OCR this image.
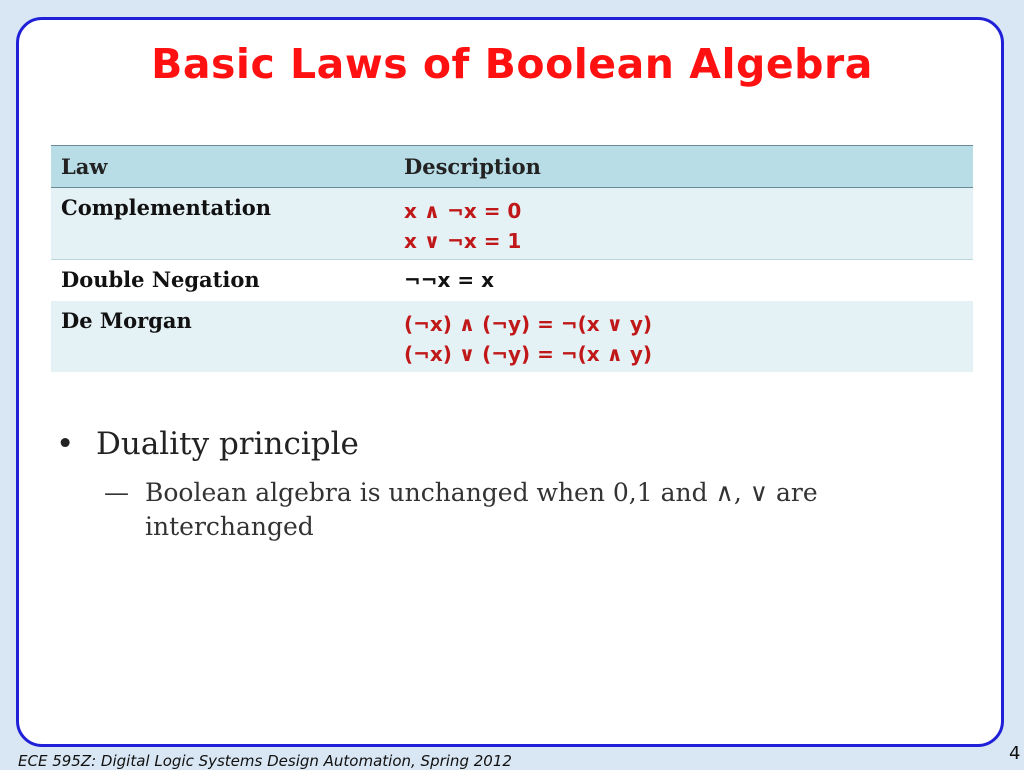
Basic Laws of Boolean Algebra
Law	Description

Complementation	x ∧ ¬x = 0
x ∨ ¬x = 1

Double Negation	¬¬x = x

De Morgan	(¬x) ∧ (¬y) = ¬(x ∨ y)
(¬x) ∨ (¬y) = ¬(x ∧ y)
• Duality principle
— Boolean algebra is unchanged when 0,1 and ∧, ∨ are
interchanged
ECE 595Z: Digital Logic Systems Design Automation, Spring 2012	4
